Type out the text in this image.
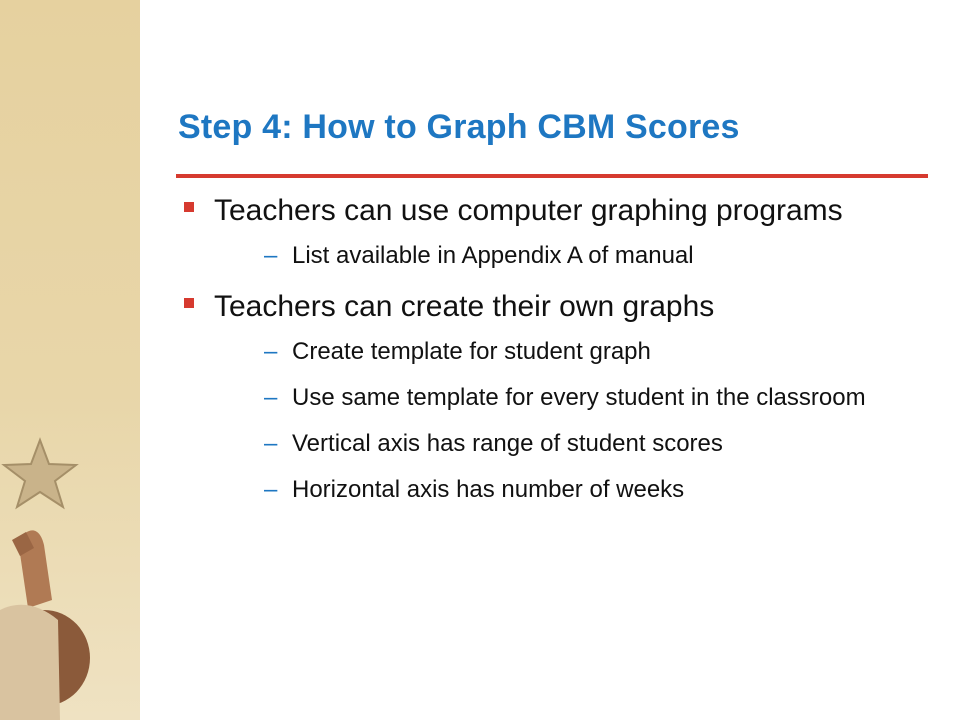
Step 4: How to Graph CBM Scores
Teachers can use computer graphing programs
– List available in Appendix A of manual
Teachers can create their own graphs
– Create template for student graph
– Use same template for every student in the classroom
– Vertical axis has range of student scores
– Horizontal axis has number of weeks
